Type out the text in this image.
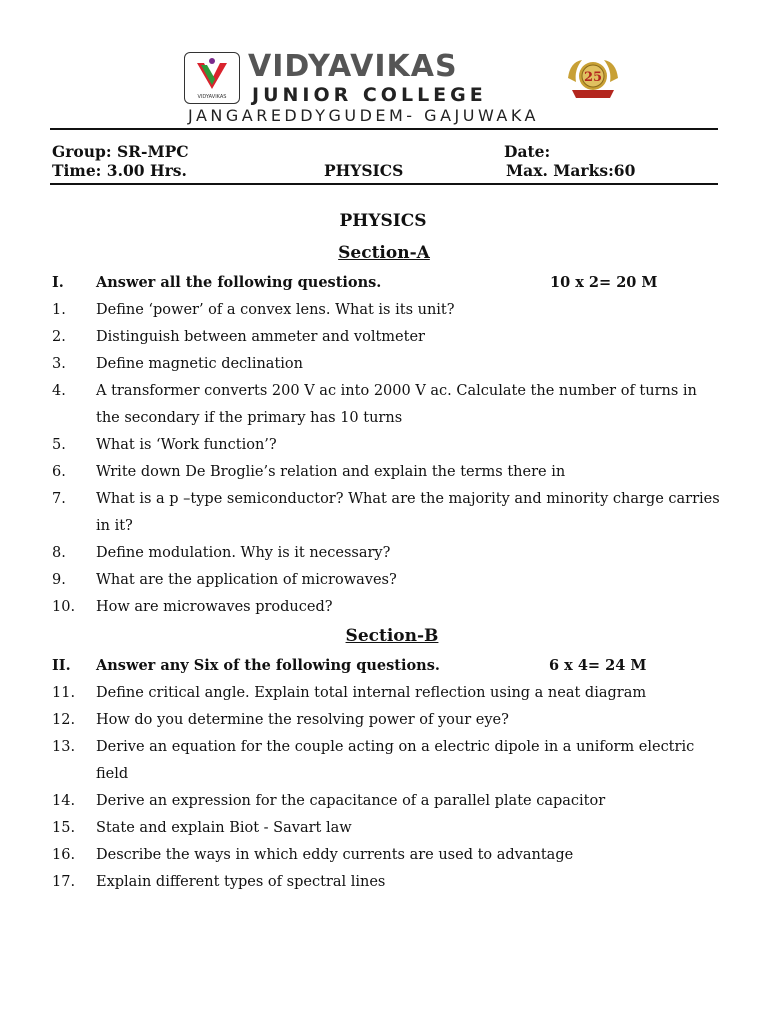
VIDYAVIKAS
VIDYAVIKAS
JUNIOR COLLEGE
25
JANGAREDDYGUDEM- GAJUWAKA
Group: SR-MPC	Date:
Time: 3.00 Hrs.	PHYSICS	Max. Marks:60
PHYSICS
Section-A
I. Answer all the following questions.	10 x 2= 20 M
1. Define ‘power’ of a convex lens. What is its unit?
2. Distinguish between ammeter and voltmeter
3. Define magnetic declination
4. A transformer converts 200 V ac into 2000 V ac. Calculate the number of turns in the secondary if the primary has 10 turns
5. What is ‘Work function’?
6. Write down De Broglie’s relation and explain the terms there in
7. What is a p –type semiconductor? What are the majority and minority charge carries in it?
8. Define modulation. Why is it necessary?
9. What are the application of microwaves?
10. How are microwaves produced?
Section-B
II. Answer any Six of the following questions.	6 x 4= 24 M
11. Define critical angle. Explain total internal reflection using a neat diagram
12. How do you determine the resolving power of your eye?
13. Derive an equation for the couple acting on a electric dipole in a uniform electric field
14. Derive an expression for the capacitance of a parallel plate capacitor
15. State and explain Biot - Savart law
16. Describe the ways in which eddy currents are used to advantage
17. Explain different types of spectral lines
